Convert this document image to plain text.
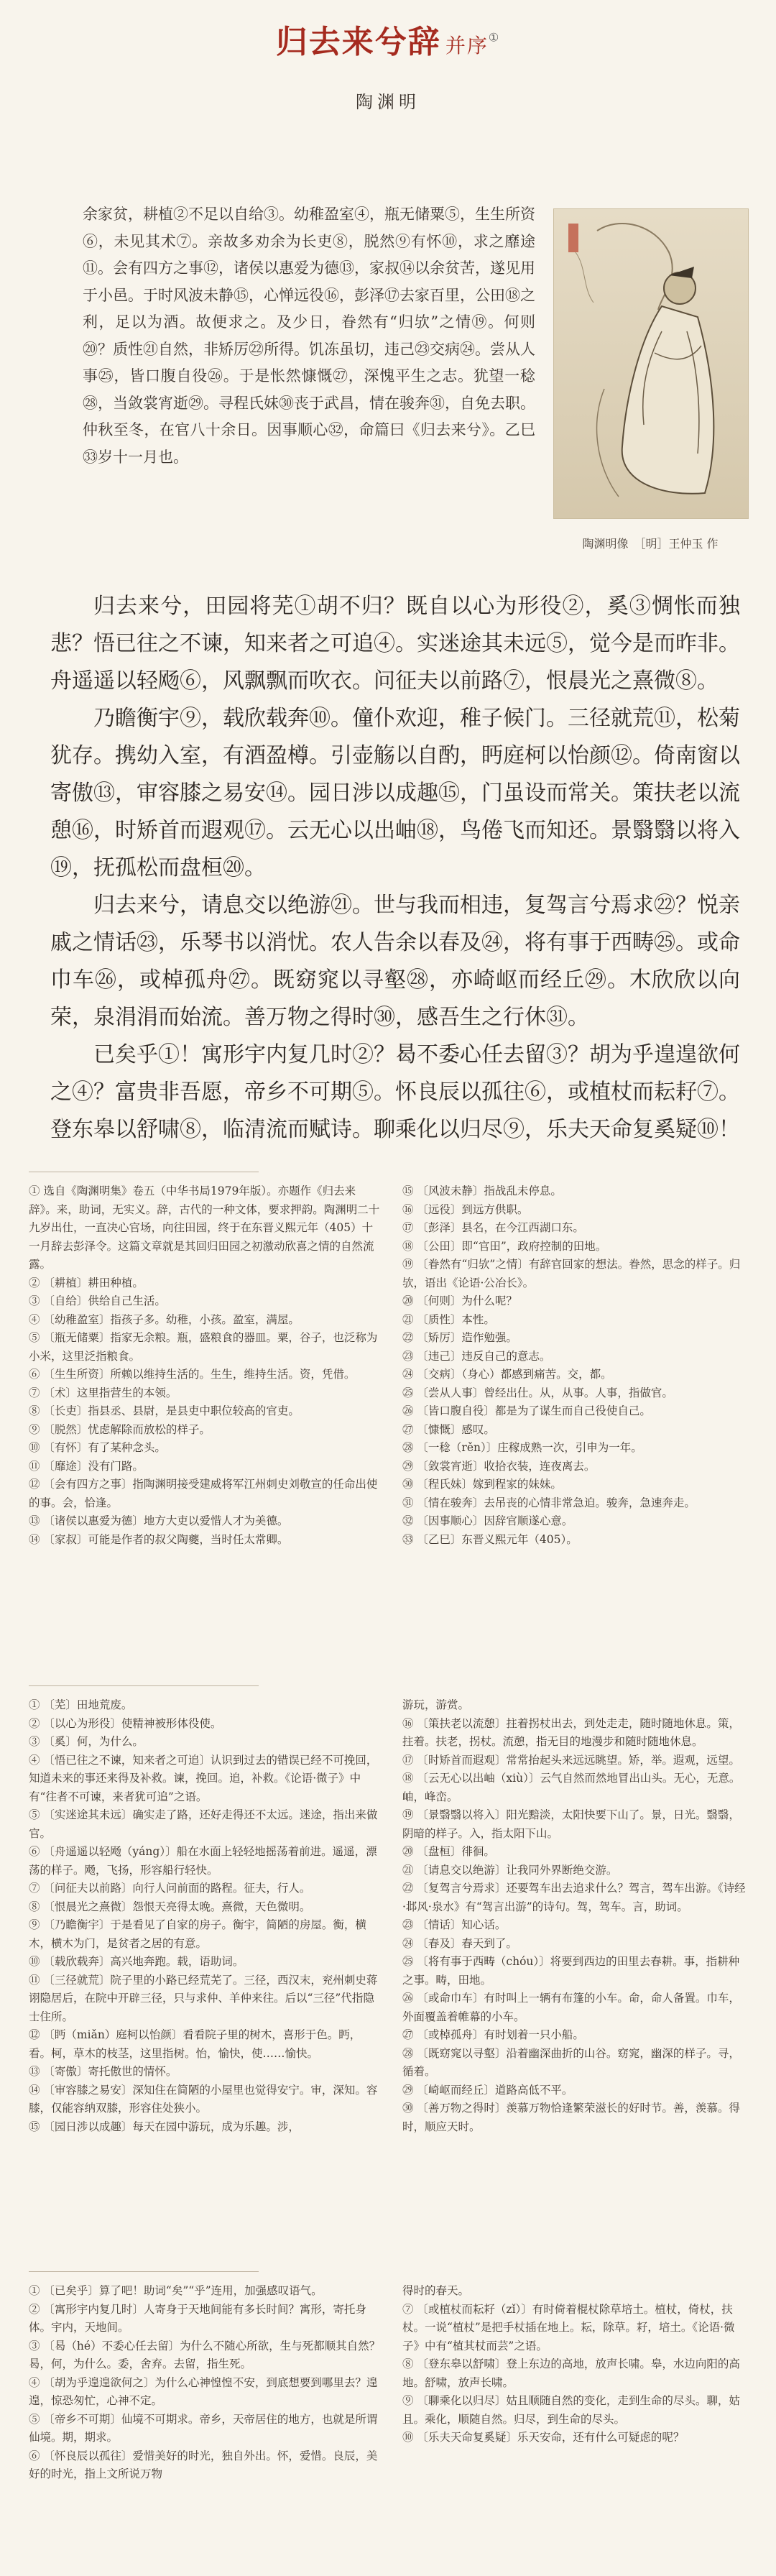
归去来兮辞 并序①
陶渊明
余家贫，耕植②不足以自给③。幼稚盈室④，瓶无储粟⑤，生生所资⑥，未见其术⑦。亲故多劝余为长吏⑧，脱然⑨有怀⑩，求之靡途⑪。会有四方之事⑫，诸侯以惠爱为德⑬，家叔⑭以余贫苦，遂见用于小邑。于时风波未静⑮，心惮远役⑯，彭泽⑰去家百里，公田⑱之利，足以为酒。故便求之。及少日，眷然有“归欤”之情⑲。何则⑳？质性㉑自然，非矫厉㉒所得。饥冻虽切，违己㉓交病㉔。尝从人事㉕，皆口腹自役㉖。于是怅然慷慨㉗，深愧平生之志。犹望一稔㉘，当敛裳宵逝㉙。寻程氏妹㉚丧于武昌，情在骏奔㉛，自免去职。仲秋至冬，在官八十余日。因事顺心㉜，命篇曰《归去来兮》。乙巳㉝岁十一月也。
陶渊明像　［明］王仲玉 作

归去来兮，田园将芜①胡不归？既自以心为形役②，奚③惆怅而独悲？悟已往之不谏，知来者之可追④。实迷途其未远⑤，觉今是而昨非。舟遥遥以轻飏⑥，风飘飘而吹衣。问征夫以前路⑦，恨晨光之熹微⑧。

乃瞻衡宇⑨，载欣载奔⑩。僮仆欢迎，稚子候门。三径就荒⑪，松菊犹存。携幼入室，有酒盈樽。引壶觞以自酌，眄庭柯以怡颜⑫。倚南窗以寄傲⑬，审容膝之易安⑭。园日涉以成趣⑮，门虽设而常关。策扶老以流憩⑯，时矫首而遐观⑰。云无心以出岫⑱，鸟倦飞而知还。景翳翳以将入⑲，抚孤松而盘桓⑳。

归去来兮，请息交以绝游㉑。世与我而相违，复驾言兮焉求㉒？悦亲戚之情话㉓，乐琴书以消忧。农人告余以春及㉔，将有事于西畴㉕。或命巾车㉖，或棹孤舟㉗。既窈窕以寻壑㉘，亦崎岖而经丘㉙。木欣欣以向荣，泉涓涓而始流。善万物之得时㉚，感吾生之行休㉛。

已矣乎①！寓形宇内复几时②？曷不委心任去留③？胡为乎遑遑欲何之④？富贵非吾愿，帝乡不可期⑤。怀良辰以孤往⑥，或植杖而耘耔⑦。登东皋以舒啸⑧，临清流而赋诗。聊乘化以归尽⑨，乐夫天命复奚疑⑩！

① 选自《陶渊明集》卷五（中华书局1979年版）。亦题作《归去来辞》。来，助词，无实义。辞，古代的一种文体，要求押韵。陶渊明二十九岁出仕，一直决心官场，向往田园，终于在东晋义熙元年（405）十一月辞去彭泽令。这篇文章就是其回归田园之初激动欣喜之情的自然流露。
② 〔耕植〕耕田种植。
③ 〔自给〕供给自己生活。
④ 〔幼稚盈室〕指孩子多。幼稚，小孩。盈室，满屋。
⑤ 〔瓶无储粟〕指家无余粮。瓶，盛粮食的器皿。粟，谷子，也泛称为小米，这里泛指粮食。
⑥ 〔生生所资〕所赖以维持生活的。生生，维持生活。资，凭借。
⑦ 〔术〕这里指营生的本领。
⑧ 〔长吏〕指县丞、县尉，是县吏中职位较高的官吏。
⑨ 〔脱然〕忧虑解除而放松的样子。
⑩ 〔有怀〕有了某种念头。
⑪ 〔靡途〕没有门路。
⑫ 〔会有四方之事〕指陶渊明接受建威将军江州刺史刘敬宣的任命出使的事。会，恰逢。
⑬ 〔诸侯以惠爱为德〕地方大吏以爱惜人才为美德。
⑭ 〔家叔〕可能是作者的叔父陶夔，当时任太常卿。
⑮ 〔风波未静〕指战乱未停息。
⑯ 〔远役〕到远方供职。
⑰ 〔彭泽〕县名，在今江西湖口东。
⑱ 〔公田〕即“官田”，政府控制的田地。
⑲ 〔眷然有“归欤”之情〕有辞官回家的想法。眷然，思念的样子。归欤，语出《论语·公冶长》。
⑳ 〔何则〕为什么呢？
㉑ 〔质性〕本性。
㉒ 〔矫厉〕造作勉强。
㉓ 〔违己〕违反自己的意志。
㉔ 〔交病〕（身心）都感到痛苦。交，都。
㉕ 〔尝从人事〕曾经出仕。从，从事。人事，指做官。
㉖ 〔皆口腹自役〕都是为了谋生而自己役使自己。
㉗ 〔慷慨〕感叹。
㉘ 〔一稔（rěn）〕庄稼成熟一次，引申为一年。
㉙ 〔敛裳宵逝〕收拾衣装，连夜离去。
㉚ 〔程氏妹〕嫁到程家的妹妹。
㉛ 〔情在骏奔〕去吊丧的心情非常急迫。骏奔，急速奔走。
㉜ 〔因事顺心〕因辞官顺遂心意。
㉝ 〔乙巳〕东晋义熙元年（405）。
① 〔芜〕田地荒废。
② 〔以心为形役〕使精神被形体役使。
③ 〔奚〕何，为什么。
④ 〔悟已往之不谏，知来者之可追〕认识到过去的错误已经不可挽回，知道未来的事还来得及补救。谏，挽回。追，补救。《论语·微子》中有“往者不可谏，来者犹可追”之语。
⑤ 〔实迷途其未远〕确实走了路，还好走得还不太远。迷途，指出来做官。
⑥ 〔舟遥遥以轻飏（yáng）〕船在水面上轻轻地摇荡着前进。遥遥，漂荡的样子。飏，飞扬，形容船行轻快。
⑦ 〔问征夫以前路〕向行人问前面的路程。征夫，行人。
⑧ 〔恨晨光之熹微〕怨恨天亮得太晚。熹微，天色微明。
⑨ 〔乃瞻衡宇〕于是看见了自家的房子。衡宇，简陋的房屋。衡，横木，横木为门，是贫者之居的有意。
⑩ 〔载欣载奔〕高兴地奔跑。载，语助词。
⑪ 〔三径就荒〕院子里的小路已经荒芜了。三径，西汉末，兖州刺史蒋诩隐居后，在院中开辟三径，只与求仲、羊仲来往。后以“三径”代指隐士住所。
⑫ 〔眄（miǎn）庭柯以怡颜〕看看院子里的树木，喜形于色。眄，看。柯，草木的枝茎，这里指树。怡，愉快，使……愉快。
⑬ 〔寄傲〕寄托傲世的情怀。
⑭ 〔审容膝之易安〕深知住在简陋的小屋里也觉得安宁。审，深知。容膝，仅能容纳双膝，形容住处狭小。
⑮ 〔园日涉以成趣〕每天在园中游玩，成为乐趣。涉，
游玩，游赏。
⑯ 〔策扶老以流憩〕拄着拐杖出去，到处走走，随时随地休息。策，拄着。扶老，拐杖。流憩，指无目的地漫步和随时随地休息。
⑰ 〔时矫首而遐观〕常常抬起头来远远眺望。矫，举。遐观，远望。
⑱ 〔云无心以出岫（xiù）〕云气自然而然地冒出山头。无心，无意。岫，峰峦。
⑲ 〔景翳翳以将入〕阳光黯淡，太阳快要下山了。景，日光。翳翳，阴暗的样子。入，指太阳下山。
⑳ 〔盘桓〕徘徊。
㉑ 〔请息交以绝游〕让我同外界断绝交游。
㉒ 〔复驾言兮焉求〕还要驾车出去追求什么？驾言，驾车出游。《诗经·邶风·泉水》有“驾言出游”的诗句。驾，驾车。言，助词。
㉓ 〔情话〕知心话。
㉔ 〔春及〕春天到了。
㉕ 〔将有事于西畴（chóu）〕将要到西边的田里去春耕。事，指耕种之事。畴，田地。
㉖ 〔或命巾车〕有时叫上一辆有布篷的小车。命，命人备置。巾车，外面覆盖着帷幕的小车。
㉗ 〔或棹孤舟〕有时划着一只小船。
㉘ 〔既窈窕以寻壑〕沿着幽深曲折的山谷。窈窕，幽深的样子。寻，循着。
㉙ 〔崎岖而经丘〕道路高低不平。
㉚ 〔善万物之得时〕羡慕万物恰逢繁荣滋长的好时节。善，羡慕。得时，顺应天时。
① 〔已矣乎〕算了吧！助词“矣”“乎”连用，加强感叹语气。
② 〔寓形宇内复几时〕人寄身于天地间能有多长时间？寓形，寄托身体。宇内，天地间。
③ 〔曷（hé）不委心任去留〕为什么不随心所欲，生与死都顺其自然？曷，何，为什么。委，舍弃。去留，指生死。
④ 〔胡为乎遑遑欲何之〕为什么心神惶惶不安，到底想要到哪里去？遑遑，惊恐匆忙，心神不定。
⑤ 〔帝乡不可期〕仙境不可期求。帝乡，天帝居住的地方，也就是所谓仙境。期，期求。
⑥ 〔怀良辰以孤往〕爱惜美好的时光，独自外出。怀，爱惜。良辰，美好的时光，指上文所说万物
得时的春天。
⑦ 〔或植杖而耘耔（zǐ）〕有时倚着棍杖除草培土。植杖，倚杖，扶杖。一说“植杖”是把手杖插在地上。耘，除草。耔，培土。《论语·微子》中有“植其杖而芸”之语。
⑧ 〔登东皋以舒啸〕登上东边的高地，放声长啸。皋，水边向阳的高地。舒啸，放声长啸。
⑨ 〔聊乘化以归尽〕姑且顺随自然的变化，走到生命的尽头。聊，姑且。乘化，顺随自然。归尽，到生命的尽头。
⑩ 〔乐夫天命复奚疑〕乐天安命，还有什么可疑虑的呢？
